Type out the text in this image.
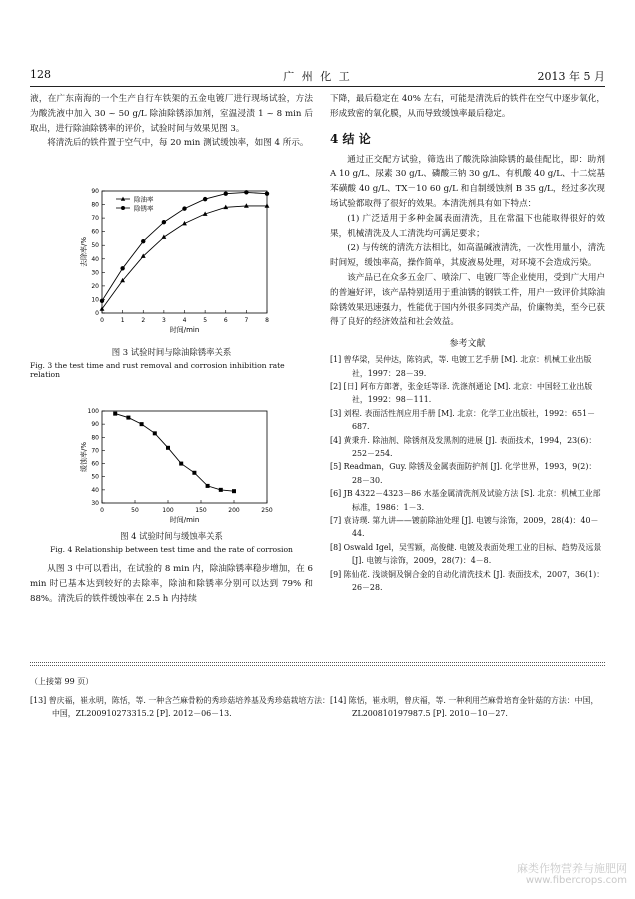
128	广 州 化 工	2013 年 5 月

液，在广东南海的一个生产自行车铁架的五金电镀厂进行现场试验，方法为酸洗液中加入 30 ~ 50 g/L 除油除锈添加剂，室温浸渍 1 ~ 8 min 后取出，进行除油除锈率的评价，试验时间与效果见图 3。

将清洗后的铁件置于空气中，每 20 min 测试缓蚀率，如图 4 所示。

0	1	2	3	4	5	6	7	8
0
10
20
30
40
50
60
70
80
90
时间/min
去除率/%
除油率
除锈率
图 3 试验时间与除油除锈率关系
Fig. 3 the test time and rust removal and corrosion inhibition rate relation
0	50	100	150	200	250
30
40
50
60
70
80
90
100
时间/min
缓蚀率/%
图 4 试验时间与缓蚀率关系
Fig. 4 Relationship between test time and the rate of corrosion

从图 3 中可以看出，在试验的 8 min 内，除油除锈率稳步增加，在 6 min 时已基本达到较好的去除率，除油和除锈率分别可以达到 79% 和 88%。清洗后的铁件缓蚀率在 2.5 h 内持续

下降，最后稳定在 40% 左右，可能是清洗后的铁件在空气中逐步氧化，形成致密的氧化膜，从而导致缓蚀率最后稳定。

4 结 论

通过正交配方试验，筛选出了酸洗除油除锈的最佳配比，即：助剂 A 10 g/L、尿素 30 g/L、磷酸三钠 30 g/L、有机酸 40 g/L、十二烷基苯磺酸 40 g/L、TX－10 60 g/L 和自制缓蚀剂 B 35 g/L，经过多次现场试验都取得了很好的效果。本清洗剂具有如下特点：

(1) 广泛适用于多种金属表面清洗，且在常温下也能取得很好的效果，机械清洗及人工清洗均可满足要求；

(2) 与传统的清洗方法相比，如高温碱液清洗，一次性用量小，清洗时间短，缓蚀率高，操作简单，其废液易处理，对环境不会造成污染。

该产品已在众多五金厂、喷涂厂、电镀厂等企业使用，受到广大用户的普遍好评，该产品特别适用于重油锈的钢铁工件，用户一致评价其除油除锈效果迅速强力，性能优于国内外很多同类产品，价廉物美，至今已获得了良好的经济效益和社会效益。

参考文献

[1] 曾华梁，吴仲达，陈钧武，等. 电镀工艺手册 [M]. 北京：机械工业出版社，1997：28－39.

[2] [日] 阿布方郎著，张金廷等译. 洗涤剂通论 [M]. 北京：中国轻工业出版社，1992：98－111.

[3] 刘程. 表面活性剂应用手册 [M]. 北京：化学工业出版社，1992：651－687.

[4] 黄秉升. 除油剂、除锈剂及发黑剂的进展 [J]. 表面技术，1994，23(6)：252－254.

[5] Readman，Guy. 除锈及金属表面防护剂 [J]. 化学世界，1993，9(2)：28－30.

[6] JB 4322－4323－86 水基金属清洗剂及试验方法 [S]. 北京：机械工业部标准，1986：1－3.

[7] 袁诗璞. 第九讲——镀前除油处理 [J]. 电镀与涂饰，2009，28(4)：40－44.

[8] Oswald Igel，吴雪颖，高俊健. 电镀及表面处理工业的目标、趋势及远景 [J]. 电镀与涂饰，2009，28(7)：4－8.

[9] 陈仙花. 浅谈铜及铜合金的自动化清洗技术 [J]. 表面技术，2007，36(1)：26－28.

（上接第 99 页）

[13] 曾庆福，崔永明，陈恬，等. 一种含苎麻骨粉的秀珍菇培养基及秀珍菇栽培方法：中国，ZL200910273315.2 [P]. 2012－06－13.

[14] 陈恬，崔永明，曾庆福，等. 一种利用苎麻骨培育金针菇的方法：中国，ZL200810197987.5 [P]. 2010－10－27.

麻类作物营养与施肥网
www.fibercrops.com
